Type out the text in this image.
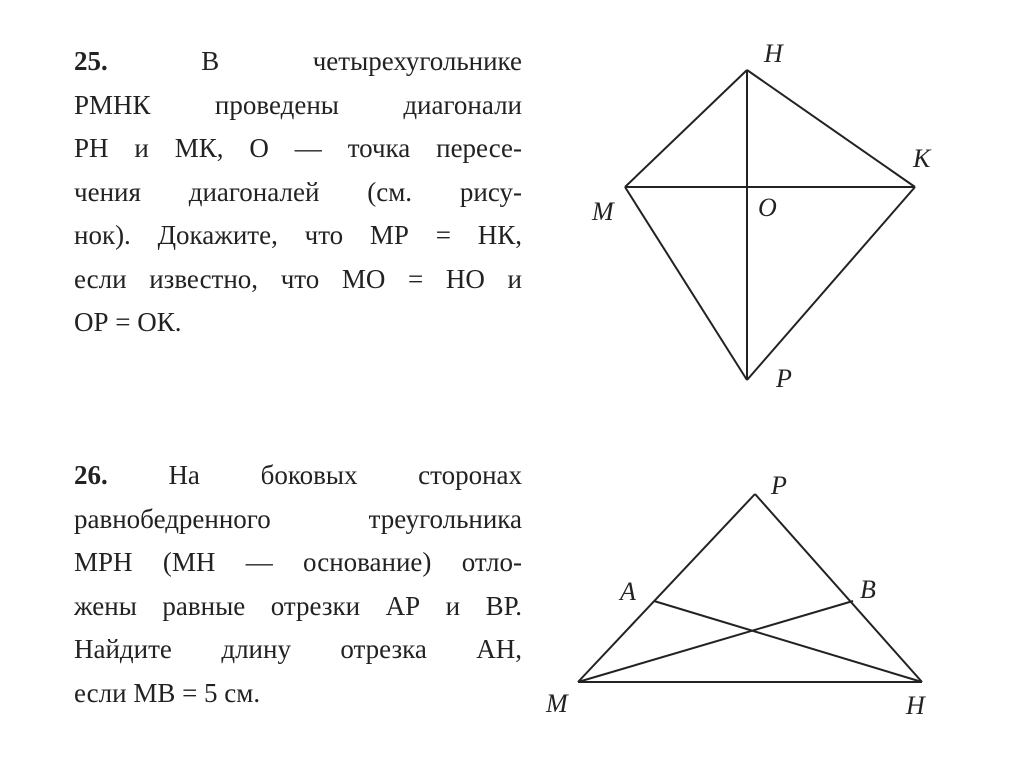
25.	В четырехугольнике
РМНК проведены диагонали
РН и МК, О — точка пересе-
чения диагоналей (см. рису-
нок). Докажите, что МР = НК,
если известно, что МО = НО и
ОР = ОК.
26. На боковых сторонах
равнобедренного треугольника
МРН (МН — основание) отло-
жены равные отрезки АР и ВР.
Найдите длину отрезка АН,
если МВ = 5 см.
H
K
M	O
P
P
A	B
M	H
